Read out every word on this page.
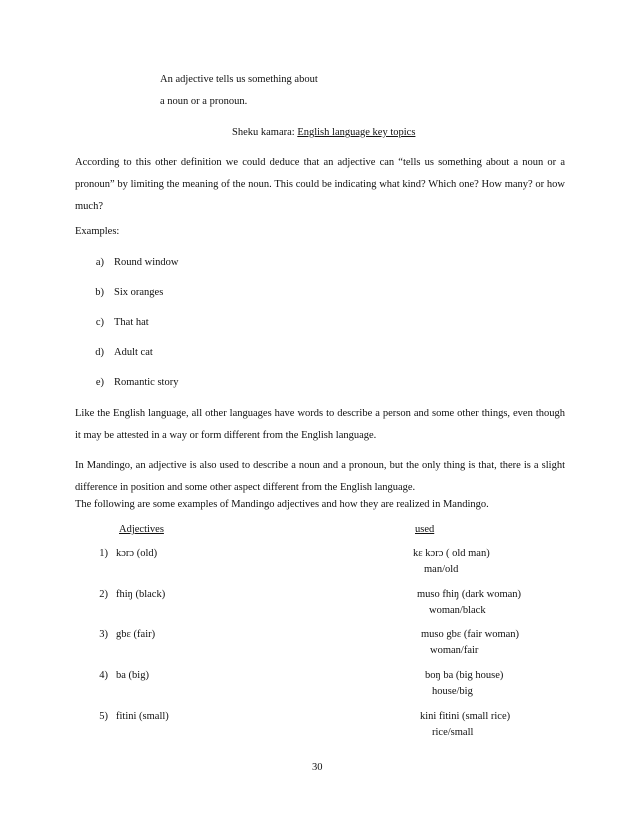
An adjective tells us something about
a noun or a pronoun.
Sheku kamara: English language key topics
According to this other definition we could deduce that an adjective can “tells us something about a noun or a pronoun” by limiting the meaning of the noun. This could be indicating what kind? Which one? How many? or how much?
Examples:
a) Round window
b) Six oranges
c) That hat
d) Adult cat
e) Romantic story
Like the English language, all other languages have words to describe a person and some other things, even though it may be attested in a way or form different from the English language.
In Mandingo, an adjective is also used to describe a noun and a pronoun, but the only thing is that, there is a slight difference in position and some other aspect different from the English language.
The following are some examples of Mandingo adjectives and how they are realized in Mandingo.
Adjectives	used
1) kɔrɔ (old)	kɛ kɔrɔ ( old man)
man/old
2) fhiŋ (black)	muso fhiŋ (dark woman)
woman/black
3) gbɛ (fair)	muso gbɛ (fair woman)
woman/fair
4) ba (big)	boŋ ba (big house)
house/big
5) fitini (small)	kini fitini (small rice)
rice/small
30
